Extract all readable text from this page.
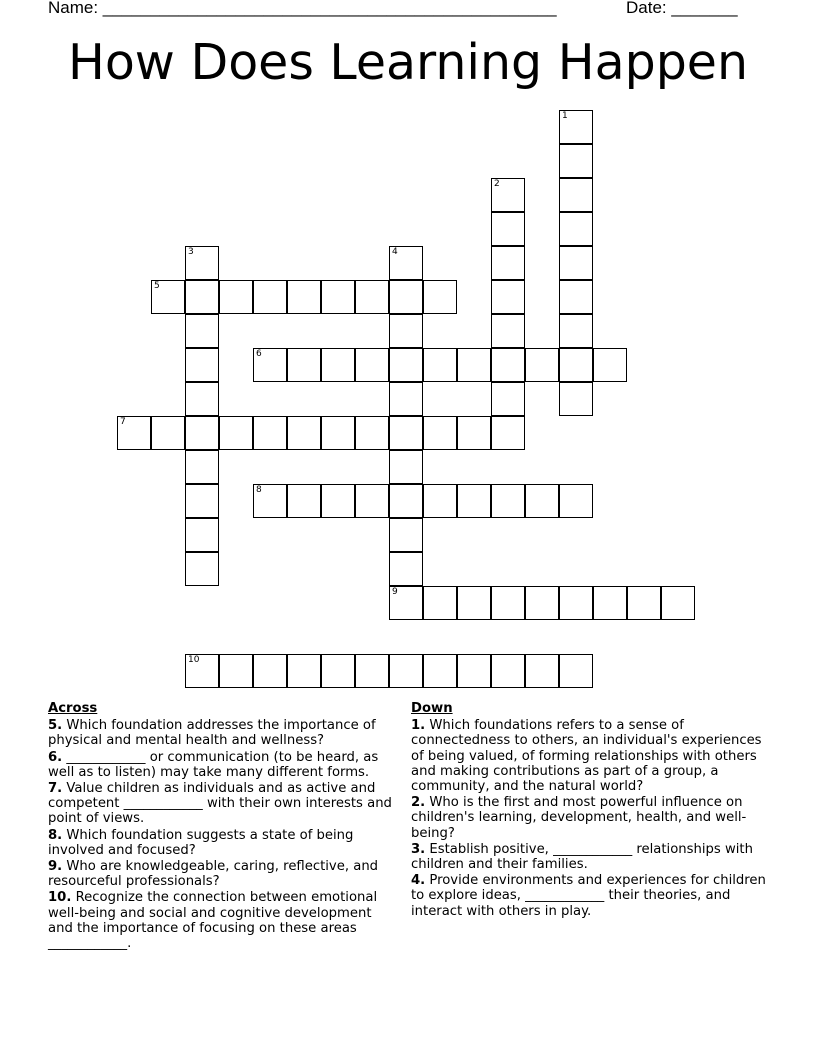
Name: ________________________________________________	Date: _______
How Does Learning Happen
1
2
3	4
9
5
6
7
8
10
Across
5. Which foundation addresses the importance of physical and mental health and wellness?
6. ____________ or communication (to be heard, as well as to listen) may take many different forms.
7. Value children as individuals and as active and competent ____________ with their own interests and point of views.
8. Which foundation suggests a state of being involved and focused?
9. Who are knowledgeable, caring, reflective, and resourceful professionals?
10. Recognize the connection between emotional well-being and social and cognitive development and the importance of focusing on these areas ____________.
Down
1. Which foundations refers to a sense of connectedness to others, an individual's experiences of being valued, of forming relationships with others and making contributions as part of a group, a community, and the natural world?
2. Who is the first and most powerful influence on children's learning, development, health, and well-being?
3. Establish positive, ____________ relationships with children and their families.
4. Provide environments and experiences for children to explore ideas, ____________ their theories, and interact with others in play.
